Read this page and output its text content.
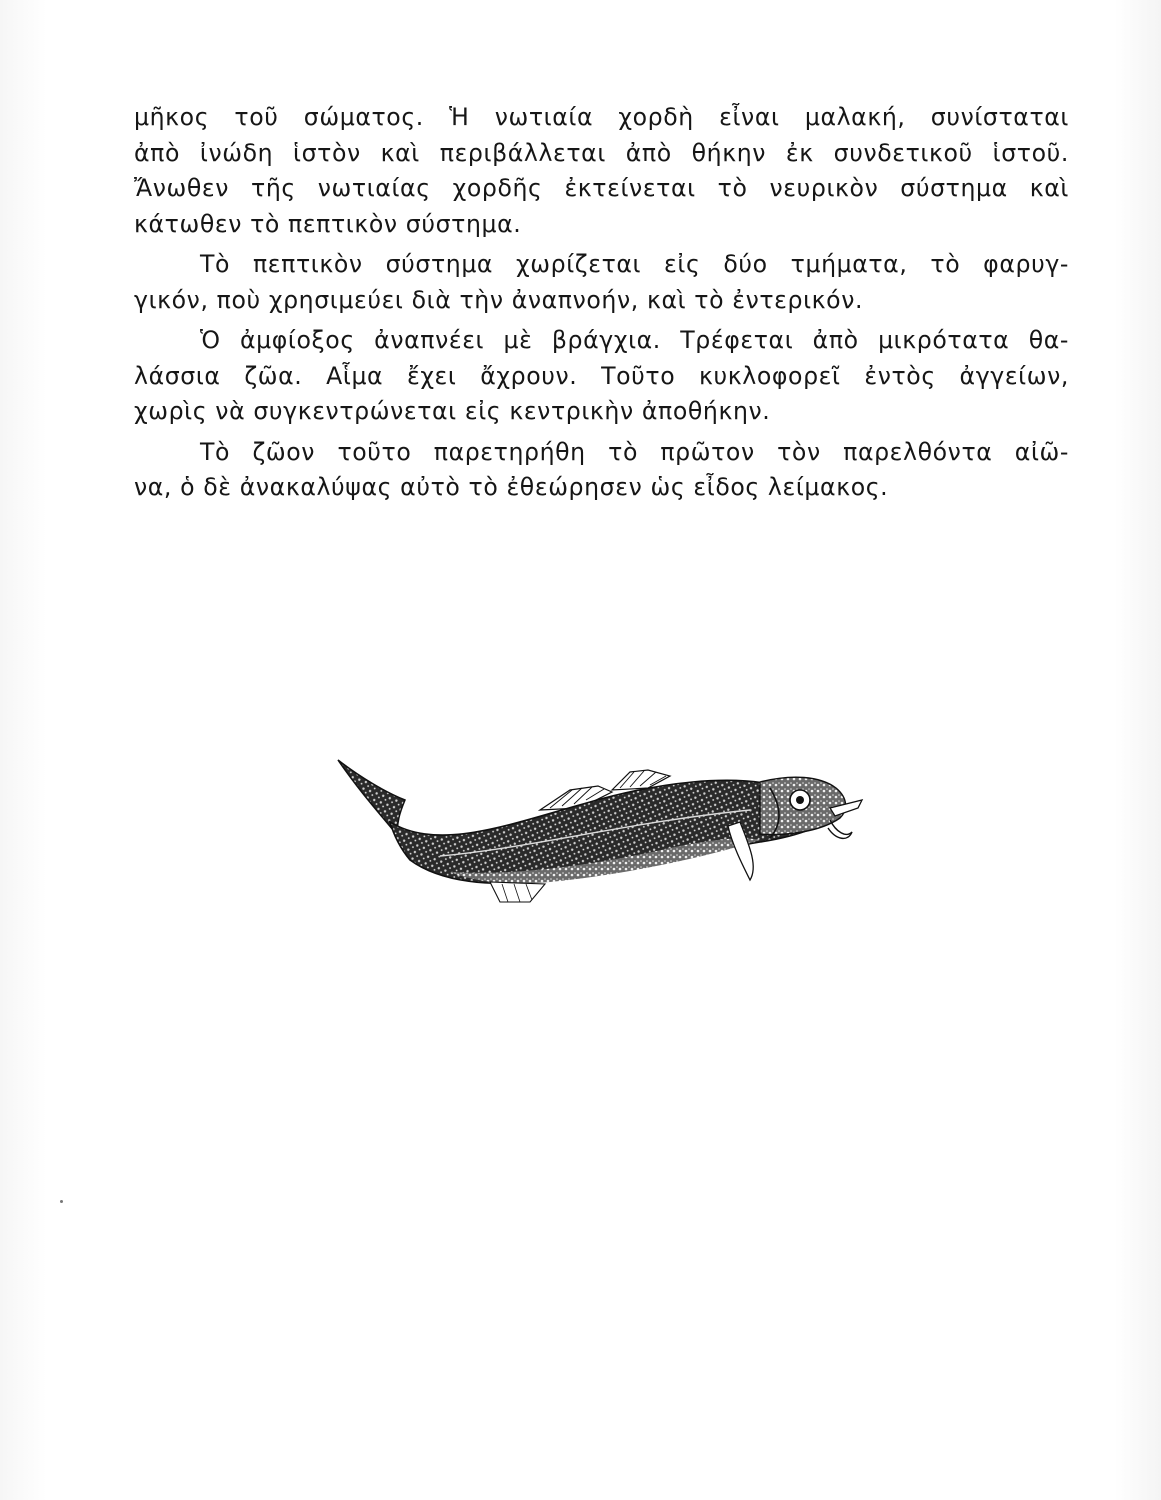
μῆκος τοῦ σώματος. Ἡ νωτιαία χορδὴ εἶναι μαλακή, συνίσταται
ἀπὸ ἰνώδη ἱστὸν καὶ περιβάλλεται ἀπὸ θήκην ἐκ συνδετικοῦ ἱστοῦ.
Ἄνωθεν τῆς νωτιαίας χορδῆς ἐκτείνεται τὸ νευρικὸν σύστημα καὶ
κάτωθεν τὸ πεπτικὸν σύστημα.

Τὸ πεπτικὸν σύστημα χωρίζεται εἰς δύο τμήματα, τὸ φαρυγ-
γικόν, ποὺ χρησιμεύει διὰ τὴν ἀναπνοήν, καὶ τὸ ἐντερικόν.

Ὁ ἀμφίοξος ἀναπνέει μὲ βράγχια. Τρέφεται ἀπὸ μικρότατα θα-
λάσσια ζῶα. Αἷμα ἔχει ἄχρουν. Τοῦτο κυκλοφορεῖ ἐντὸς ἀγγείων,
χωρὶς νὰ συγκεντρώνεται εἰς κεντρικὴν ἀποθήκην.

Τὸ ζῶον τοῦτο παρετηρήθη τὸ πρῶτον τὸν παρελθόντα αἰῶ-
να, ὁ δὲ ἀνακαλύψας αὐτὸ τὸ ἐθεώρησεν ὡς εἶδος λείμακος.
